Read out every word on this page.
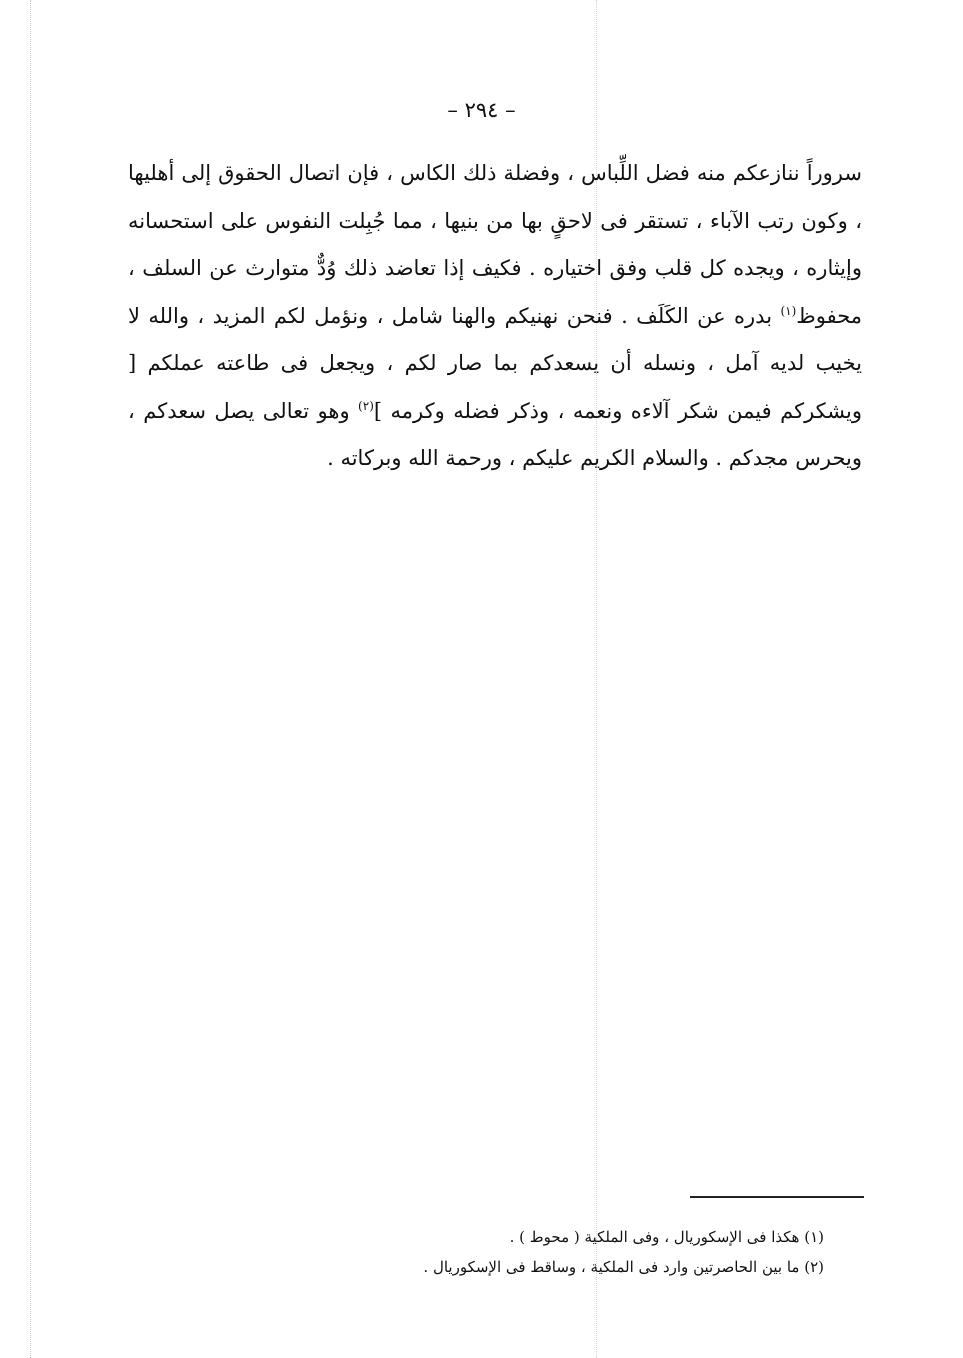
– ٢٩٤ –
سروراً ننازعكم منه فضل اللِّباس ، وفضلة ذلك الكاس ، فإن اتصال الحقوق إلى أهليها ، وكون رتب الآباء ، تستقر فى لاحقٍ بها من بنيها ، مما جُبِلت النفوس على استحسانه وإيثاره ، ويجده كل قلب وفق اختياره . فكيف إذا تعاضد ذلك وُدٌّ متوارث عن السلف ، محفوظ$^{(١)}$ بدره عن الكَلَف . فنحن نهنيكم والهنا شامل ، ونؤمل لكم المزيد ، والله لا يخيب لديه آمل ، ونسله أن يسعدكم بما صار لكم ، ويجعل فى طاعته عملكم [ ويشكركم فيمن شكر آلاءه ونعمه ، وذكر فضله وكرمه ]$^{(٢)}$ وهو تعالى يصل سعدكم ، ويحرس مجدكم . والسلام الكريم عليكم ، ورحمة الله وبركاته .
(١) هكذا فى الإسكوريال ، وفى الملكية ( محوط ) .
(٢) ما بين الحاصرتين وارد فى الملكية ، وساقط فى الإسكوريال .
